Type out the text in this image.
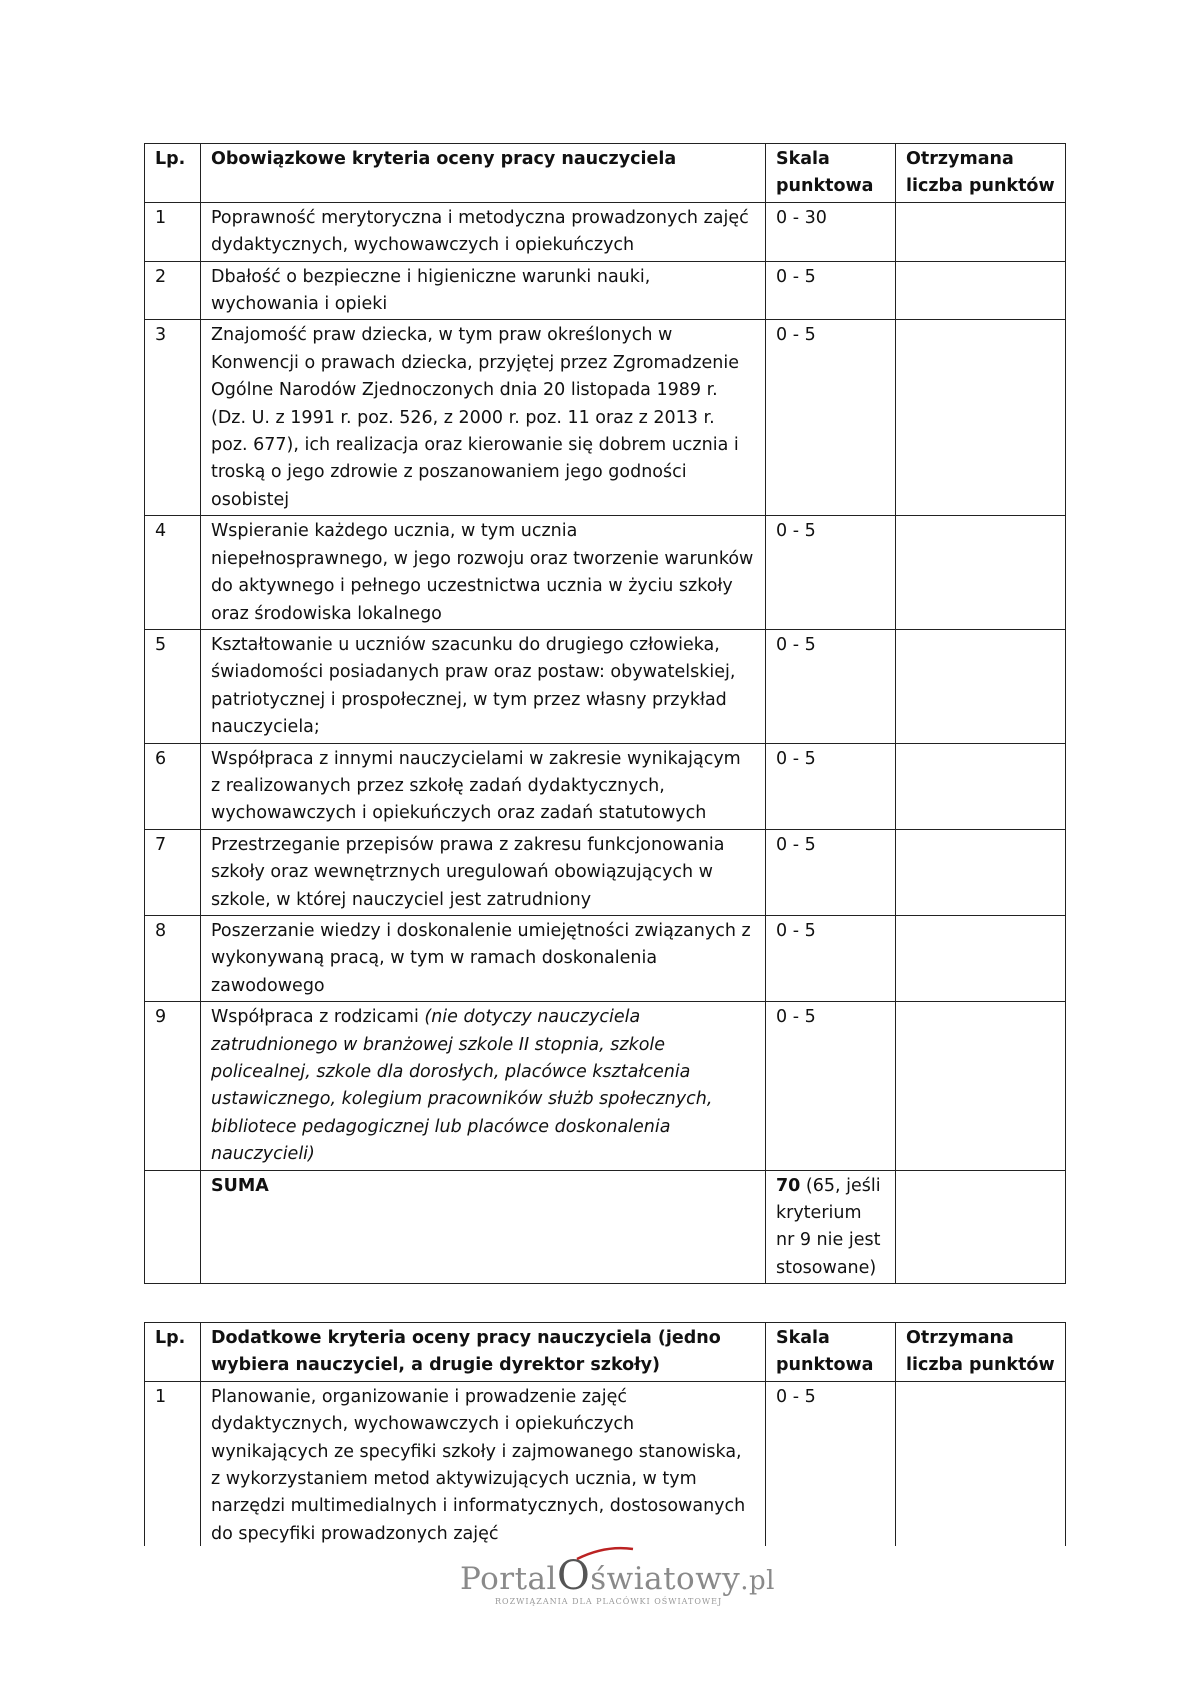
Lp.	Obowiązkowe kryteria oceny pracy nauczyciela	Skala punktowa	Otrzymana liczba punktów
1	Poprawność merytoryczna i metodyczna prowadzonych zajęć dydaktycznych, wychowawczych i opiekuńczych	0 - 30	
2	Dbałość o bezpieczne i higieniczne warunki nauki, wychowania i opieki	0 - 5	
3	Znajomość praw dziecka, w tym praw określonych w Konwencji o prawach dziecka, przyjętej przez Zgromadzenie Ogólne Narodów Zjednoczonych dnia 20 listopada 1989 r. (Dz. U. z 1991 r. poz. 526, z 2000 r. poz. 11 oraz z 2013 r. poz. 677), ich realizacja oraz kierowanie się dobrem ucznia i troską o jego zdrowie z poszanowaniem jego godności osobistej	0 - 5	
4	Wspieranie każdego ucznia, w tym ucznia niepełnosprawnego, w jego rozwoju oraz tworzenie warunków do aktywnego i pełnego uczestnictwa ucznia w życiu szkoły oraz środowiska lokalnego	0 - 5	
5	Kształtowanie u uczniów szacunku do drugiego człowieka, świadomości posiadanych praw oraz postaw: obywatelskiej, patriotycznej i prospołecznej, w tym przez własny przykład nauczyciela;	0 - 5	
6	Współpraca z innymi nauczycielami w zakresie wynikającym z realizowanych przez szkołę zadań dydaktycznych, wychowawczych i opiekuńczych oraz zadań statutowych	0 - 5	
7	Przestrzeganie przepisów prawa z zakresu funkcjonowania szkoły oraz wewnętrznych uregulowań obowiązujących w szkole, w której nauczyciel jest zatrudniony	0 - 5	
8	Poszerzanie wiedzy i doskonalenie umiejętności związanych z wykonywaną pracą, w tym w ramach doskonalenia zawodowego	0 - 5	
9	Współpraca z rodzicami (nie dotyczy nauczyciela zatrudnionego w branżowej szkole II stopnia, szkole policealnej, szkole dla dorosłych, placówce kształcenia ustawicznego, kolegium pracowników służb społecznych, bibliotece pedagogicznej lub placówce doskonalenia nauczycieli)	0 - 5	
	SUMA	70 (65, jeśli kryterium nr 9 nie jest stosowane)	
Lp.	Dodatkowe kryteria oceny pracy nauczyciela (jedno wybiera nauczyciel, a drugie dyrektor szkoły)	Skala punktowa	Otrzymana liczba punktów
1	Planowanie, organizowanie i prowadzenie zajęć dydaktycznych, wychowawczych i opiekuńczych wynikających ze specyfiki szkoły i zajmowanego stanowiska, z wykorzystaniem metod aktywizujących ucznia, w tym narzędzi multimedialnych i informatycznych, dostosowanych do specyfiki prowadzonych zajęć	0 - 5	
PortalOświatowy.pl
ROZWIĄZANIA DLA PLACÓWKI OŚWIATOWEJ
